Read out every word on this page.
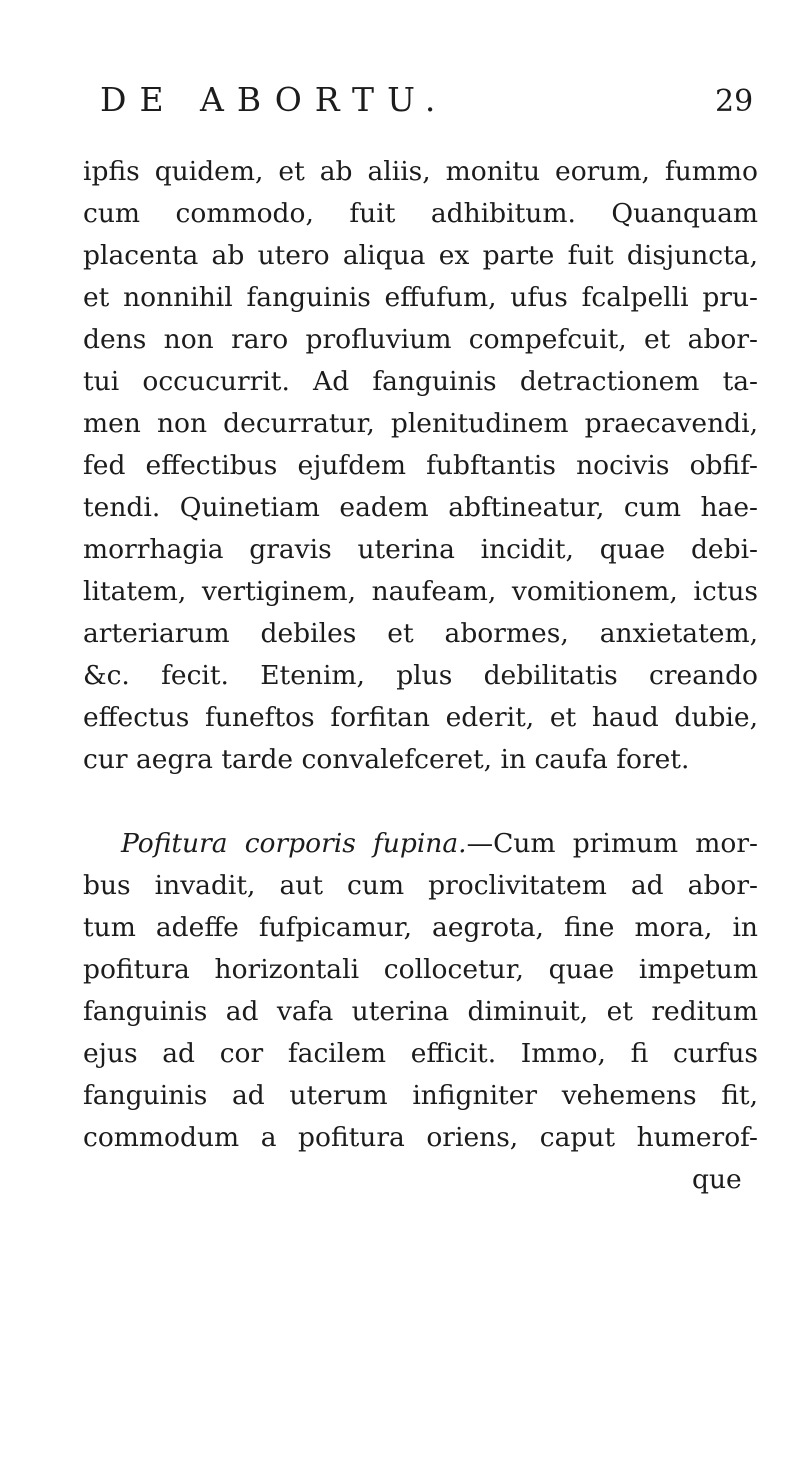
DE ABORTU.	29
ipfis quidem, et ab aliis, monitu eorum, fummo
cum commodo, fuit adhibitum. Quanquam
placenta ab utero aliqua ex parte fuit disjuncta,
et nonnihil fanguinis effufum, ufus fcalpelli pru-
dens non raro profluvium compefcuit, et abor-
tui occucurrit. Ad fanguinis detractionem ta-
men non decurratur, plenitudinem praecavendi,
fed effectibus ejufdem fubftantis nocivis obfif-
tendi. Quinetiam eadem abftineatur, cum hae-
morrhagia gravis uterina incidit, quae debi-
litatem, vertiginem, naufeam, vomitionem, ictus
arteriarum debiles et abormes, anxietatem,
&c. fecit. Etenim, plus debilitatis creando
effectus funeftos forfitan ederit, et haud dubie,
cur aegra tarde convalefceret, in caufa foret.
Pofitura corporis fupina.—Cum primum mor-
bus invadit, aut cum proclivitatem ad abor-
tum adeffe fufpicamur, aegrota, fine mora, in
pofitura horizontali collocetur, quae impetum
fanguinis ad vafa uterina diminuit, et reditum
ejus ad cor facilem efficit. Immo, fi curfus
fanguinis ad uterum infigniter vehemens fit,
commodum a pofitura oriens, caput humerof-
que
